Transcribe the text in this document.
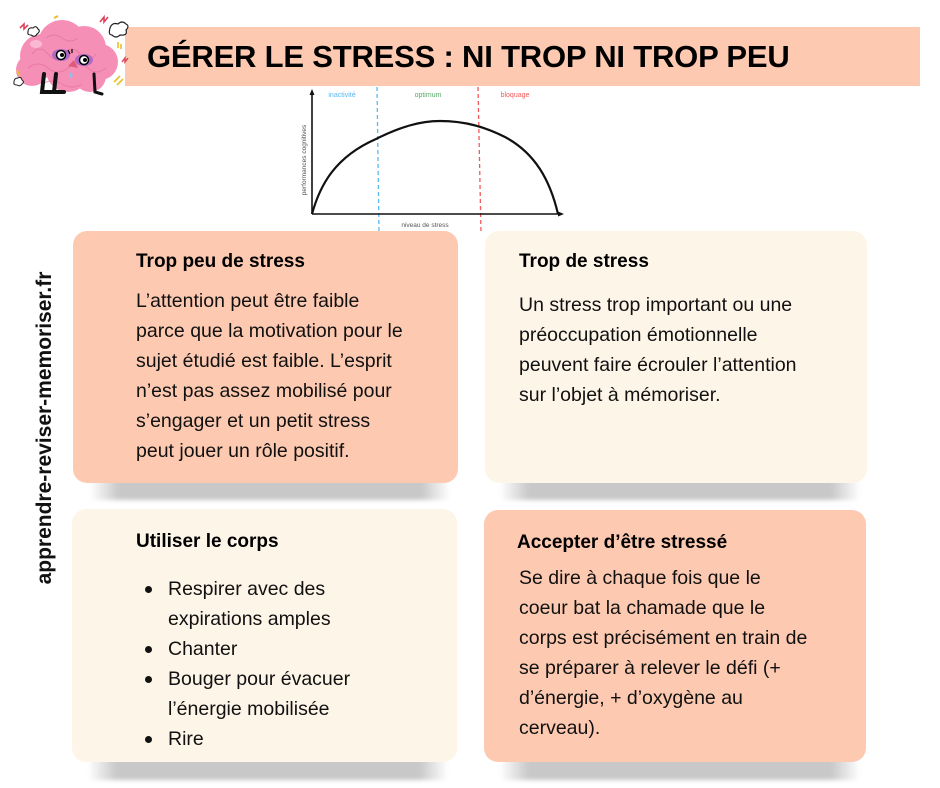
GÉRER LE STRESS : NI TROP NI TROP PEU
inactivité	optimum	bloquage
performances cognitives
niveau de stress
apprendre-reviser-memoriser.fr
Trop peu de stress
L’attention peut être faible
parce que la motivation pour le
sujet étudié est faible. L’esprit
n’est pas assez mobilisé pour
s’engager et un petit stress
peut jouer un rôle positif.
Trop de stress
Un stress trop important ou une
préoccupation émotionnelle
peuvent faire écrouler l’attention
sur l’objet à mémoriser.
Utiliser le corps
Respirer avec des
expirations amples
Chanter
Bouger pour évacuer
l’énergie mobilisée
Rire
Accepter d’être stressé
Se dire à chaque fois que le
coeur bat la chamade que le
corps est précisément en train de
se préparer à relever le défi (+
d’énergie, + d’oxygène au
cerveau).
